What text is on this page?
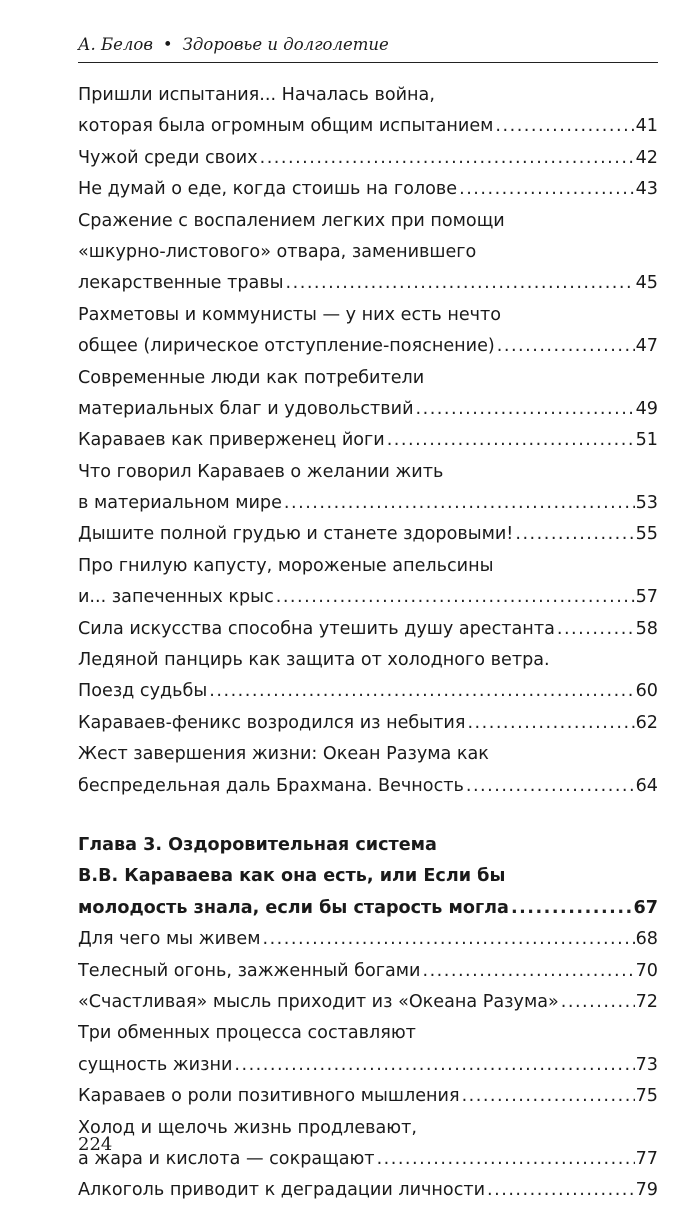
А. Белов • Здоровье и долголетие
Пришли испытания... Началась война,
которая была огромным общим испытанием .....	41
Чужой среди своих .....	42
Не думай о еде, когда стоишь на голове .....	43
Сражение с воспалением легких при помощи
«шкурно-листового» отвара, заменившего
лекарственные травы .....	45
Рахметовы и коммунисты — у них есть нечто
общее (лирическое отступление-пояснение) .....	47
Современные люди как потребители
материальных благ и удовольствий .....	49
Караваев как приверженец йоги .....	51
Что говорил Караваев о желании жить
в материальном мире .....	53
Дышите полной грудью и станете здоровыми! .....	55
Про гнилую капусту, мороженые апельсины
и... запеченных крыс .....	57
Сила искусства способна утешить душу арестанта .....	58
Ледяной панцирь как защита от холодного ветра.
Поезд судьбы .....	60
Караваев-феникс возродился из небытия .....	62
Жест завершения жизни: Океан Разума как
беспредельная даль Брахмана. Вечность .....	64
Глава 3. Оздоровительная система
В.В. Караваева как она есть, или Если бы
молодость знала, если бы старость могла .....	67
Для чего мы живем .....	68
Телесный огонь, зажженный богами .....	70
«Счастливая» мысль приходит из «Океана Разума» .....	72
Три обменных процесса составляют
сущность жизни .....	73
Караваев о роли позитивного мышления .....	75
Холод и щелочь жизнь продлевают,
а жара и кислота — сокращают .....	77
Алкоголь приводит к деградации личности .....	79
224
